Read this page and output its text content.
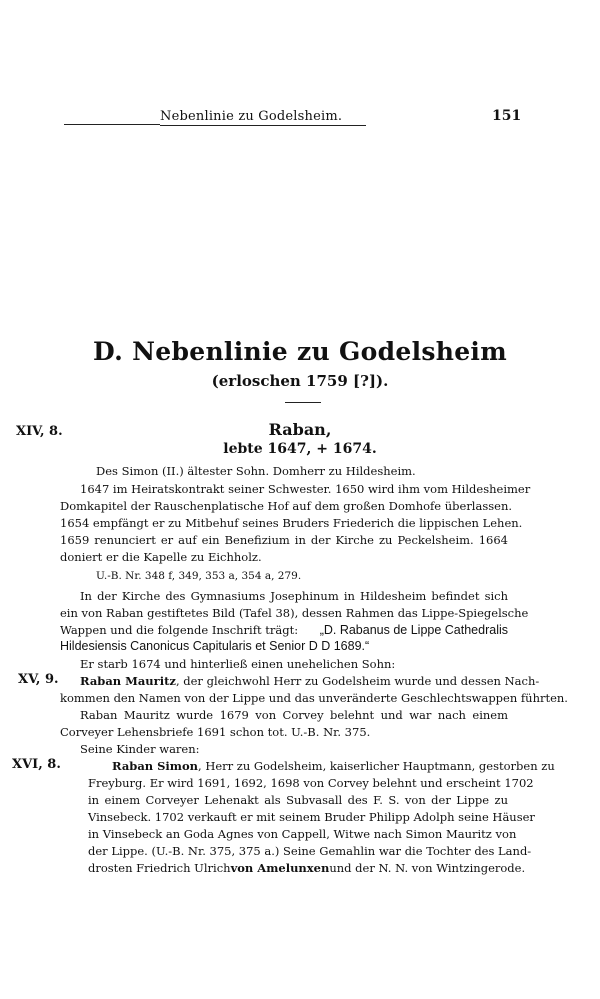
Nebenlinie zu Godelsheim.	151
D. Nebenlinie zu Godelsheim
(erloschen 1759 [?]).
XIV, 8.	Raban,
lebte 1647, + 1674.
Des Simon (II.) ältester Sohn. Domherr zu Hildesheim.
1647 im Heiratskontrakt seiner Schwester. 1650 wird ihm vom Hildesheimer
Domkapitel der Rauschenplatische Hof auf dem großen Domhofe überlassen.
1654 empfängt er zu Mitbehuf seines Bruders Friederich die lippischen Lehen.
1659 renunciert er auf ein Benefizium in der Kirche zu Peckelsheim. 1664
doniert er die Kapelle zu Eichholz.
U.-B. Nr. 348 f, 349, 353 a, 354 a, 279.
In der Kirche des Gymnasiums Josephinum in Hildesheim befindet sich
ein von Raban gestiftetes Bild (Tafel 38), dessen Rahmen das Lippe-Spiegelsche
Wappen und die folgende Inschrift trägt: „D. Rabanus de Lippe Cathedralis
Hildesiensis Canonicus Capitularis et Senior D D 1689.“
Er starb 1674 und hinterließ einen unehelichen Sohn:
XV, 9. Raban Mauritz, der gleichwohl Herr zu Godelsheim wurde und dessen Nach-
kommen den Namen von der Lippe und das unveränderte Geschlechtswappen führten.
Raban Mauritz wurde 1679 von Corvey belehnt und war nach einem
Corveyer Lehensbriefe 1691 schon tot. U.-B. Nr. 375.
Seine Kinder waren:
XVI, 8.	Raban Simon, Herr zu Godelsheim, kaiserlicher Hauptmann, gestorben zu
Freyburg. Er wird 1691, 1692, 1698 von Corvey belehnt und erscheint 1702
in einem Corveyer Lehenakt als Subvasall des F. S. von der Lippe zu
Vinsebeck. 1702 verkauft er mit seinem Bruder Philipp Adolph seine Häuser
in Vinsebeck an Goda Agnes von Cappell, Witwe nach Simon Mauritz von
der Lippe. (U.-B. Nr. 375, 375 a.) Seine Gemahlin war die Tochter des Land-
drosten Friedrich Ulrich von Amelunxen und der N. N. von Wintzingerode.
